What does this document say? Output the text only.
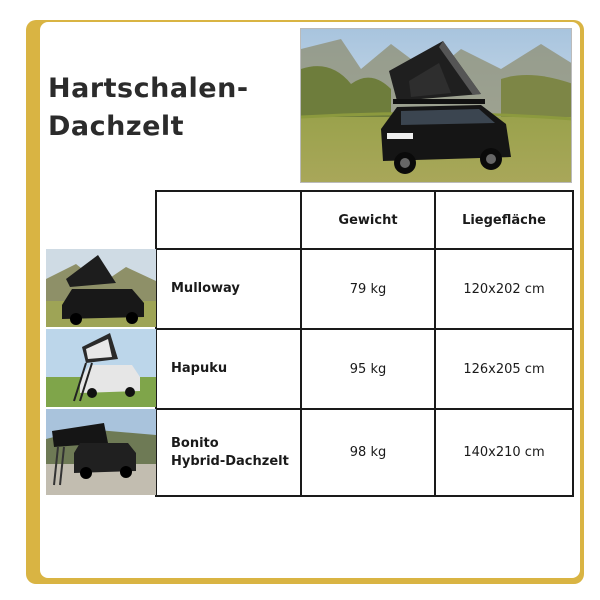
Hartschalen-
Dachzelt
	Gewicht	Liegefläche

Mulloway	79 kg	120x202 cm

Hapuku	95 kg	126x205 cm

Bonito
Hybrid-Dachzelt	98 kg	140x210 cm
